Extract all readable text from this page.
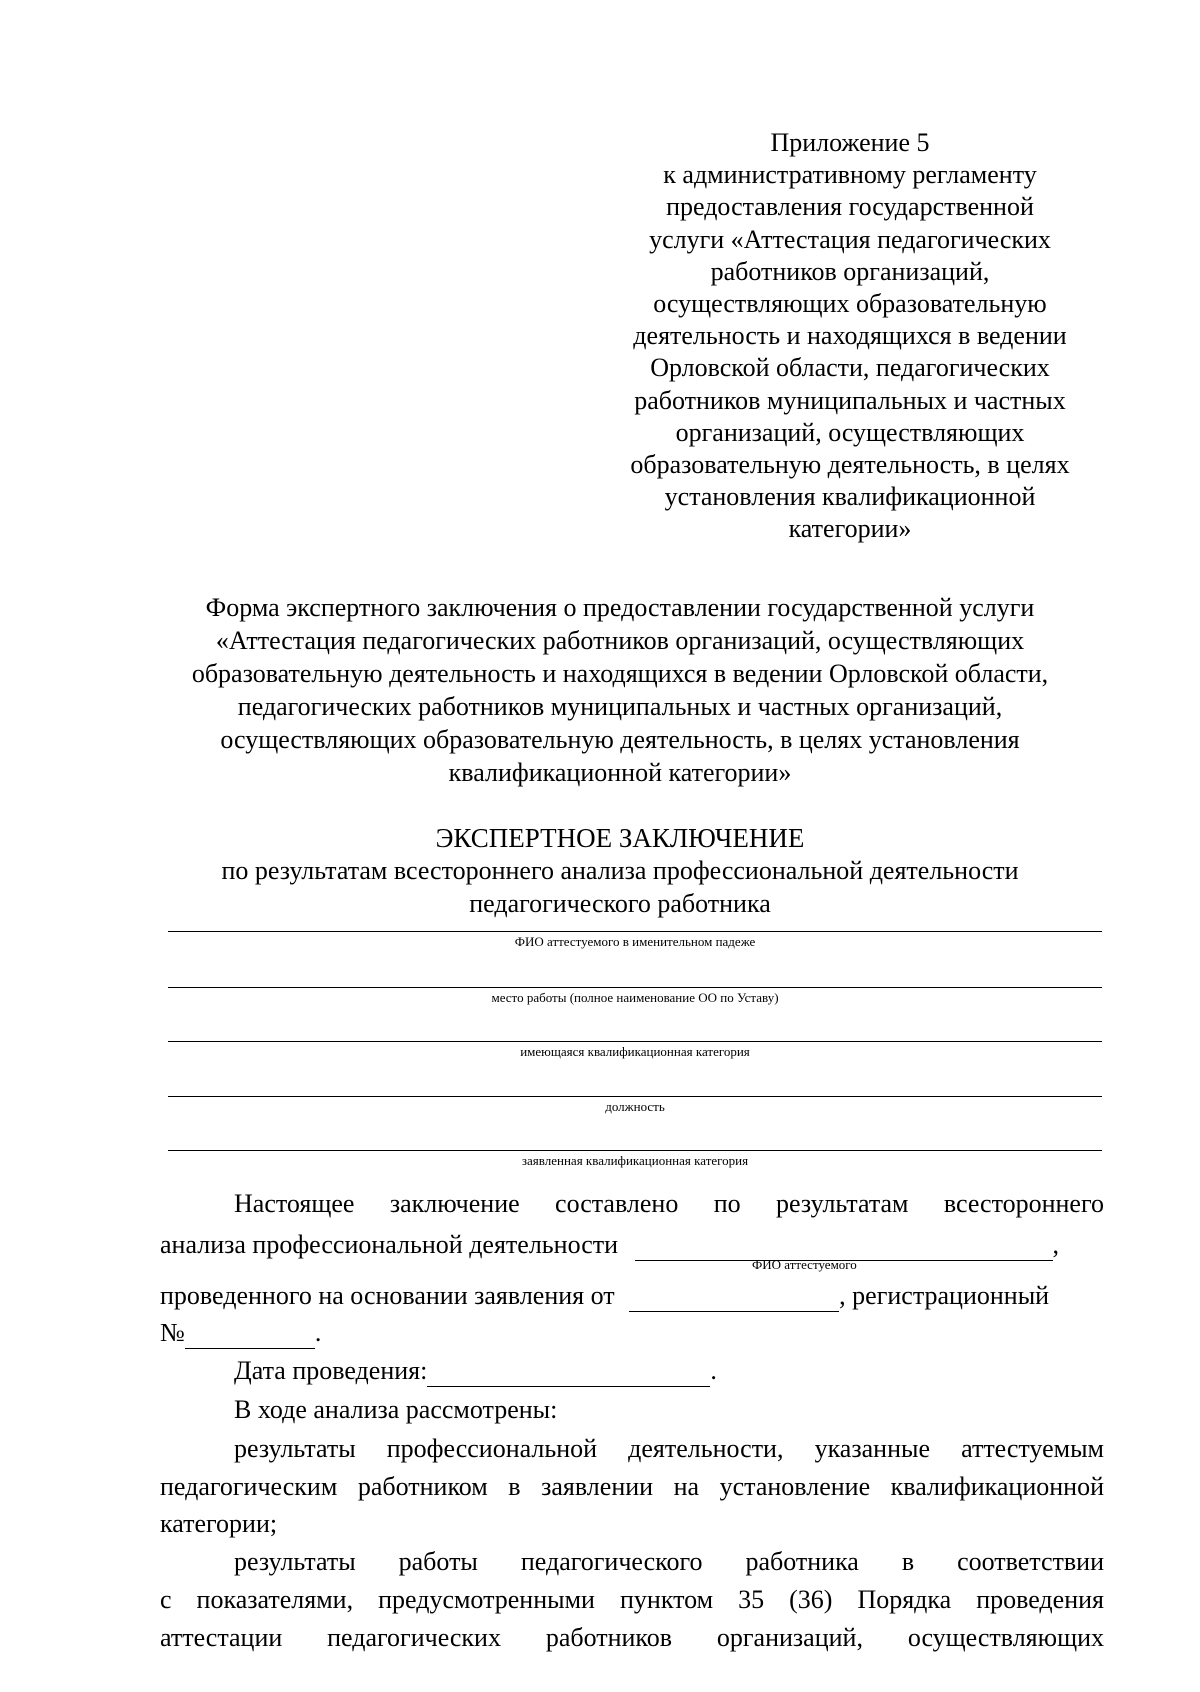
Приложение 5
к административному регламенту
предоставления государственной
услуги «Аттестация педагогических
работников организаций,
осуществляющих образовательную
деятельность и находящихся в ведении
Орловской области, педагогических
работников муниципальных и частных
организаций, осуществляющих
образовательную деятельность, в целях
установления квалификационной
категории»
Форма экспертного заключения о предоставлении государственной услуги
«Аттестация педагогических работников организаций, осуществляющих
образовательную деятельность и находящихся в ведении Орловской области,
педагогических работников муниципальных и частных организаций,
осуществляющих образовательную деятельность, в целях установления
квалификационной категории»
ЭКСПЕРТНОЕ ЗАКЛЮЧЕНИЕ
по результатам всестороннего анализа профессиональной деятельности
педагогического работника
ФИО аттестуемого в именительном падеже
место работы (полное наименование ОО по Уставу)
имеющаяся квалификационная категория
должность
заявленная квалификационная категория
Настоящее заключение составлено по результатам всестороннего
анализа профессиональной деятельности	,
ФИО аттестуемого
проведенного на основании заявления от	, регистрационный
№	.
Дата проведения:	.
В ходе анализа рассмотрены:
результаты профессиональной деятельности, указанные аттестуемым
педагогическим работником в заявлении на установление квалификационной
категории;
результаты работы педагогического работника в соответствии
с показателями, предусмотренными пунктом 35 (36) Порядка проведения
аттестации педагогических работников организаций, осуществляющих
